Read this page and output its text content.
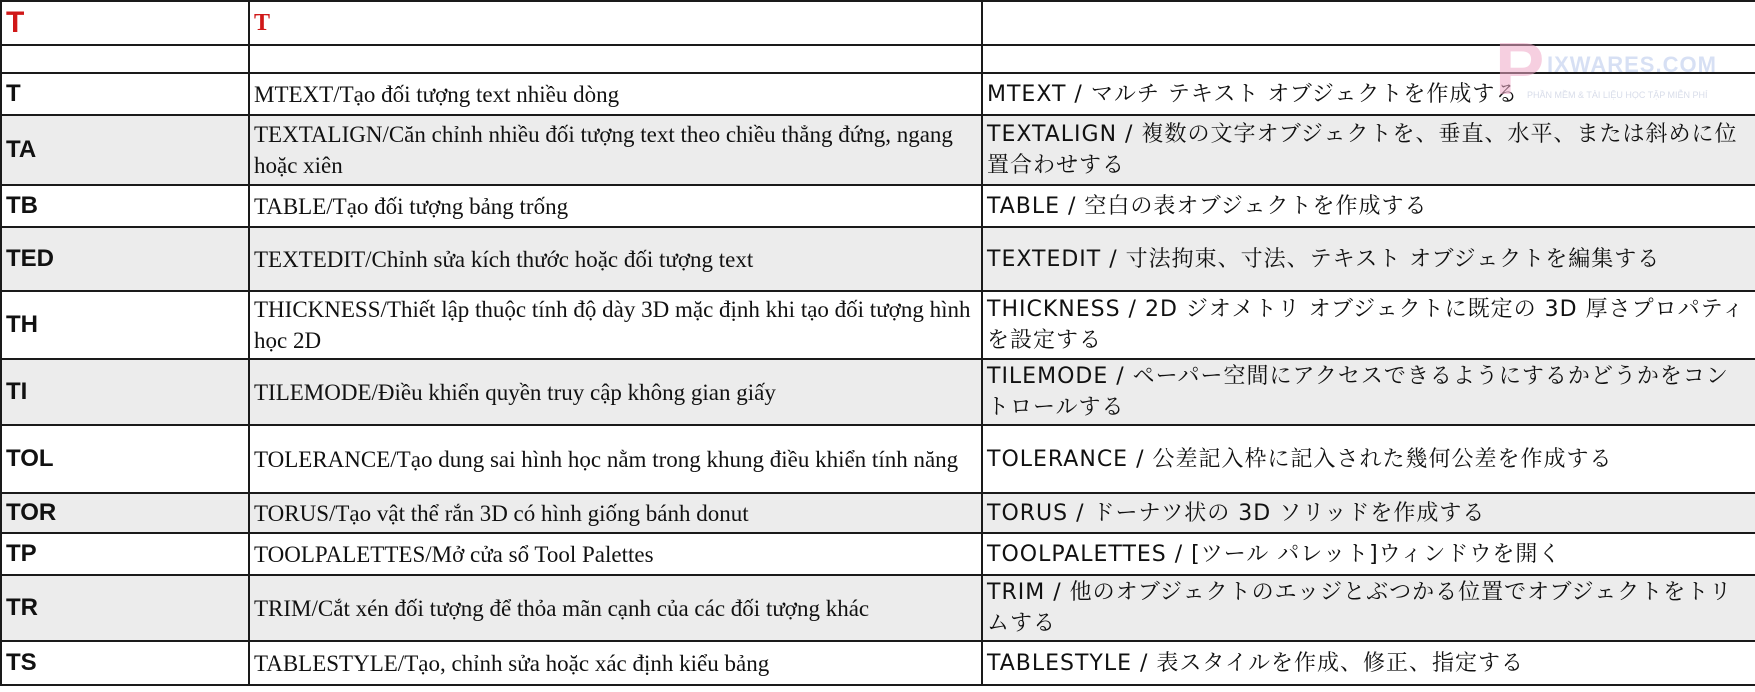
T	T	

T	MTEXT/Tạo đối tượng text nhiều dòng	MTEXT / マルチ テキスト オブジェクトを作成する
TA	TEXTALIGN/Căn chỉnh nhiều đối tượng text theo chiều thẳng đứng, ngang hoặc xiên	TEXTALIGN / 複数の文字オブジェクトを、垂直、水平、または斜めに位置合わせする
TB	TABLE/Tạo đối tượng bảng trống	TABLE / 空白の表オブジェクトを作成する
TED	TEXTEDIT/Chỉnh sửa kích thước hoặc đối tượng text	TEXTEDIT / 寸法拘束、寸法、テキスト オブジェクトを編集する
TH	THICKNESS/Thiết lập thuộc tính độ dày 3D mặc định khi tạo đối tượng hình học 2D	THICKNESS / 2D ジオメトリ オブジェクトに既定の 3D 厚さプロパティを設定する
TI	TILEMODE/Điều khiển quyền truy cập không gian giấy	TILEMODE / ペーパー空間にアクセスできるようにするかどうかをコントロールする
TOL	TOLERANCE/Tạo dung sai hình học nằm trong khung điều khiển tính năng	TOLERANCE / 公差記入枠に記入された幾何公差を作成する
TOR	TORUS/Tạo vật thể rắn 3D có hình giống bánh donut	TORUS / ドーナツ状の 3D ソリッドを作成する
TP	TOOLPALETTES/Mở cửa sổ Tool Palettes	TOOLPALETTES / [ツール パレット]ウィンドウを開く
TR	TRIM/Cắt xén đối tượng để thỏa mãn cạnh của các đối tượng khác	TRIM / 他のオブジェクトのエッジとぶつかる位置でオブジェクトをトリムする
TS	TABLESTYLE/Tạo, chỉnh sửa hoặc xác định kiểu bảng	TABLESTYLE / 表スタイルを作成、修正、指定する
P IXWARES.COM
PHẦN MỀM & TÀI LIỆU HỌC TẬP MIỄN PHÍ
